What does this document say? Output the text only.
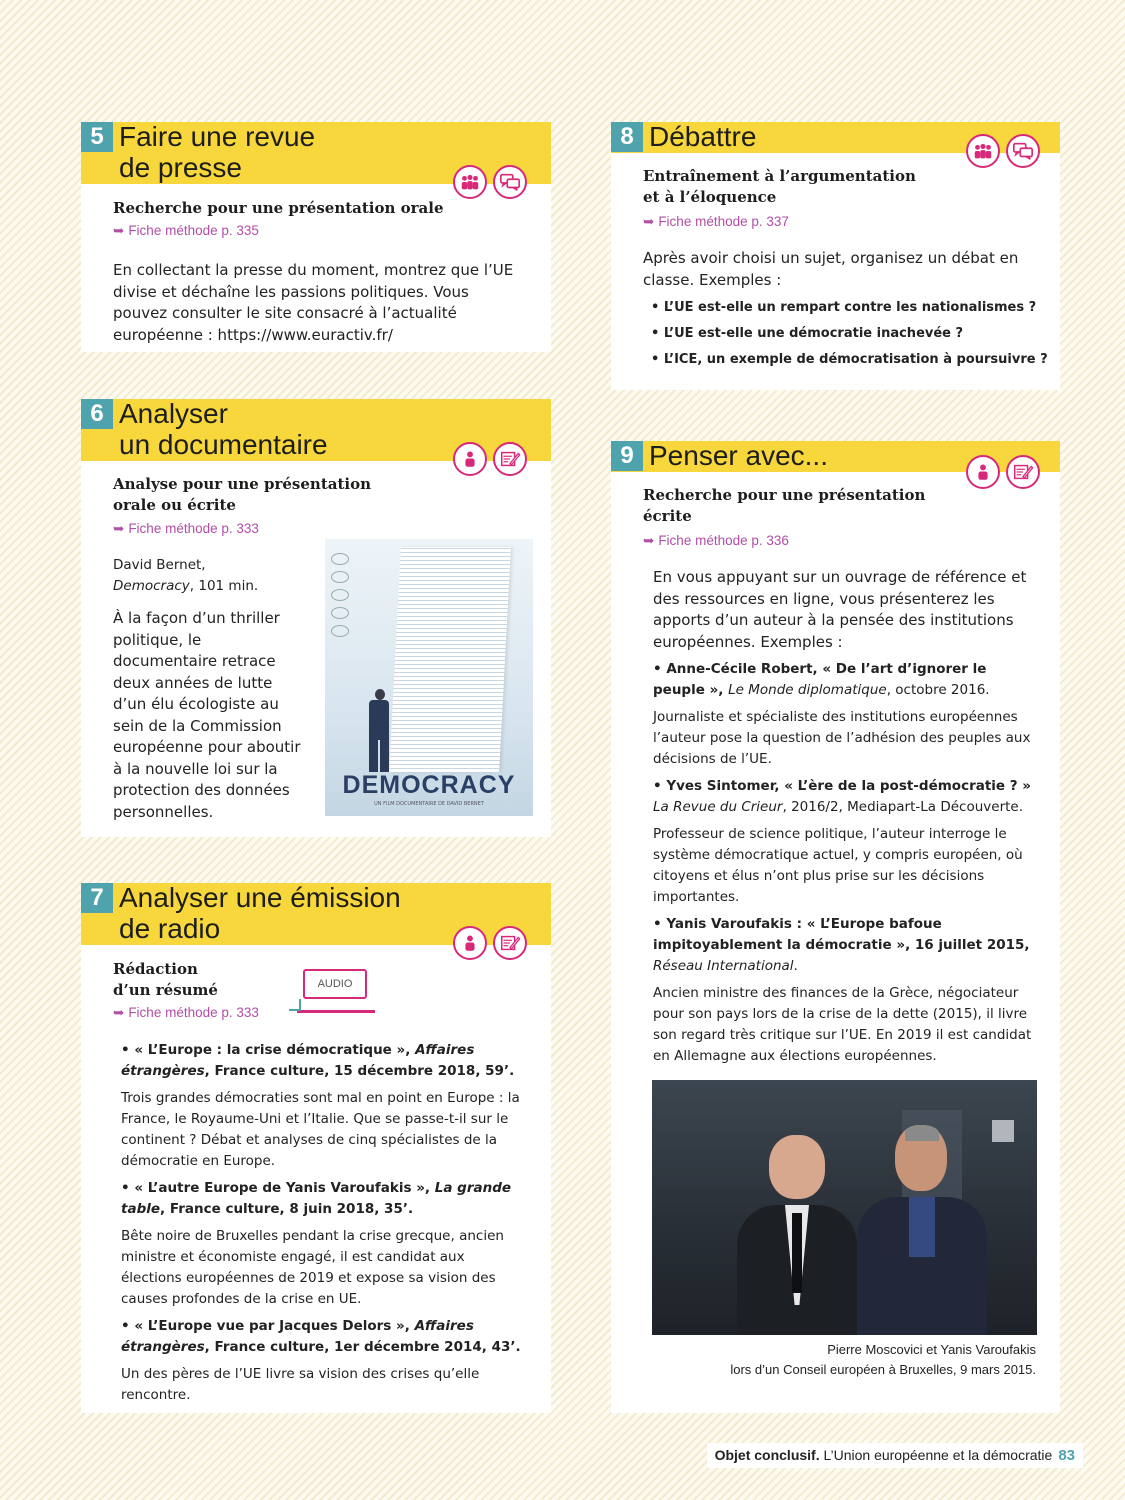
5 Faire une revue
de presse
Recherche pour une présentation orale
➥ Fiche méthode p. 335
En collectant la presse du moment, montrez que l’UE divise et déchaîne les passions politiques. Vous pouvez consulter le site consacré à l’actualité européenne : https://www.euractiv.fr/
6 Analyser
un documentaire
Analyse pour une présentation
orale ou écrite
➥ Fiche méthode p. 333
David Bernet, Democracy, 101 min.
À la façon d’un thriller politique, le documentaire retrace deux années de lutte d’un élu écologiste au sein de la Commission européenne pour aboutir à la nouvelle loi sur la protection des données personnelles.
DEMOCRACY
UN FILM DOCUMENTAIRE DE DAVID BERNET
7 Analyser une émission
de radio
Rédaction
d’un résumé	AUDIO
➥ Fiche méthode p. 333
• « L’Europe : la crise démocratique », Affaires étrangères, France culture, 15 décembre 2018, 59’.
Trois grandes démocraties sont mal en point en Europe : la France, le Royaume-Uni et l’Italie. Que se passe-t-il sur le continent ? Débat et analyses de cinq spécialistes de la démocratie en Europe.
• « L’autre Europe de Yanis Varoufakis », La grande table, France culture, 8 juin 2018, 35’.
Bête noire de Bruxelles pendant la crise grecque, ancien ministre et économiste engagé, il est candidat aux élections européennes de 2019 et expose sa vision des causes profondes de la crise en UE.
• « L’Europe vue par Jacques Delors », Affaires étrangères, France culture, 1er décembre 2014, 43’.
Un des pères de l’UE livre sa vision des crises qu’elle rencontre.
8 Débattre
Entraînement à l’argumentation
et à l’éloquence
➥ Fiche méthode p. 337
Après avoir choisi un sujet, organisez un débat en classe. Exemples :
• L’UE est-elle un rempart contre les nationalismes ?
• L’UE est-elle une démocratie inachevée ?
• L’ICE, un exemple de démocratisation à poursuivre ?
9 Penser avec...
Recherche pour une présentation
écrite
➥ Fiche méthode p. 336
En vous appuyant sur un ouvrage de référence et des ressources en ligne, vous présenterez les apports d’un auteur à la pensée des institutions européennes. Exemples :
• Anne-Cécile Robert, « De l’art d’ignorer le peuple », Le Monde diplomatique, octobre 2016.
Journaliste et spécialiste des institutions européennes l’auteur pose la question de l’adhésion des peuples aux décisions de l’UE.
• Yves Sintomer, « L’ère de la post-démocratie ? » La Revue du Crieur, 2016/2, Mediapart-La Découverte.
Professeur de science politique, l’auteur interroge le système démocratique actuel, y compris européen, où citoyens et élus n’ont plus prise sur les décisions importantes.
• Yanis Varoufakis : « L’Europe bafoue impitoyablement la démocratie », 16 juillet 2015, Réseau International.
Ancien ministre des finances de la Grèce, négociateur pour son pays lors de la crise de la dette (2015), il livre son regard très critique sur l’UE. En 2019 il est candidat en Allemagne aux élections européennes.
Pierre Moscovici et Yanis Varoufakis
lors d’un Conseil européen à Bruxelles, 9 mars 2015.
Objet conclusif. L’Union européenne et la démocratie 83
